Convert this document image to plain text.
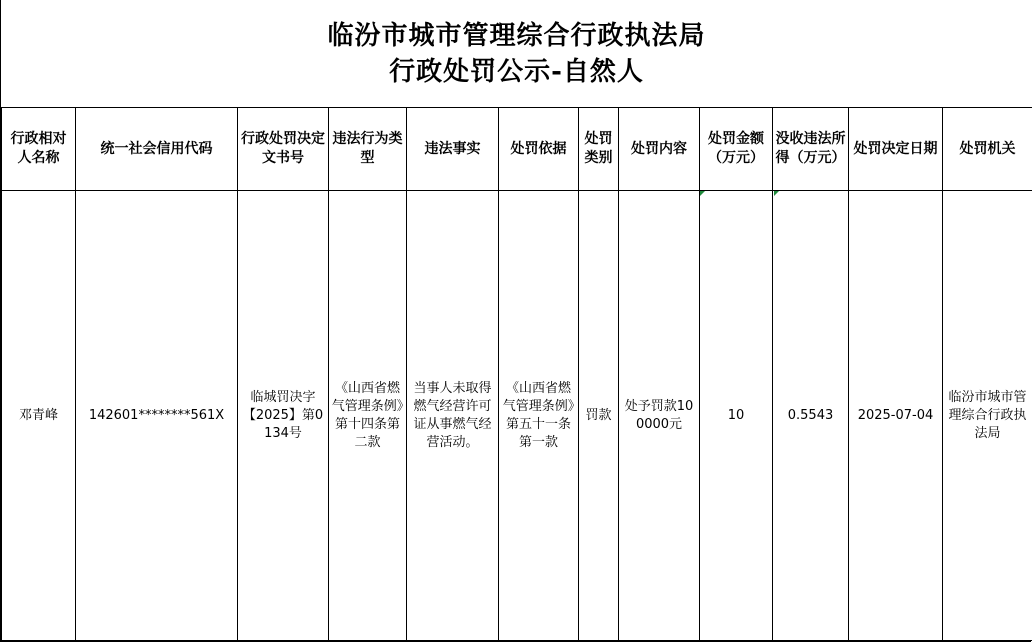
临汾市城市管理综合行政执法局
行政处罚公示-自然人
行政相对人名称	统一社会信用代码	行政处罚决定文书号	违法行为类型	违法事实	处罚依据	处罚类别	处罚内容	处罚金额（万元）	没收违法所得（万元）	处罚决定日期	处罚机关
邓青峰	142601********561X	临城罚决字【2025】第0134号	《山西省燃气管理条例》第十四条第二款	当事人未取得燃气经营许可证从事燃气经营活动。	《山西省燃气管理条例》第五十一条第一款	罚款	处予罚款100000元	10	0.5543	2025-07-04	临汾市城市管理综合行政执法局
